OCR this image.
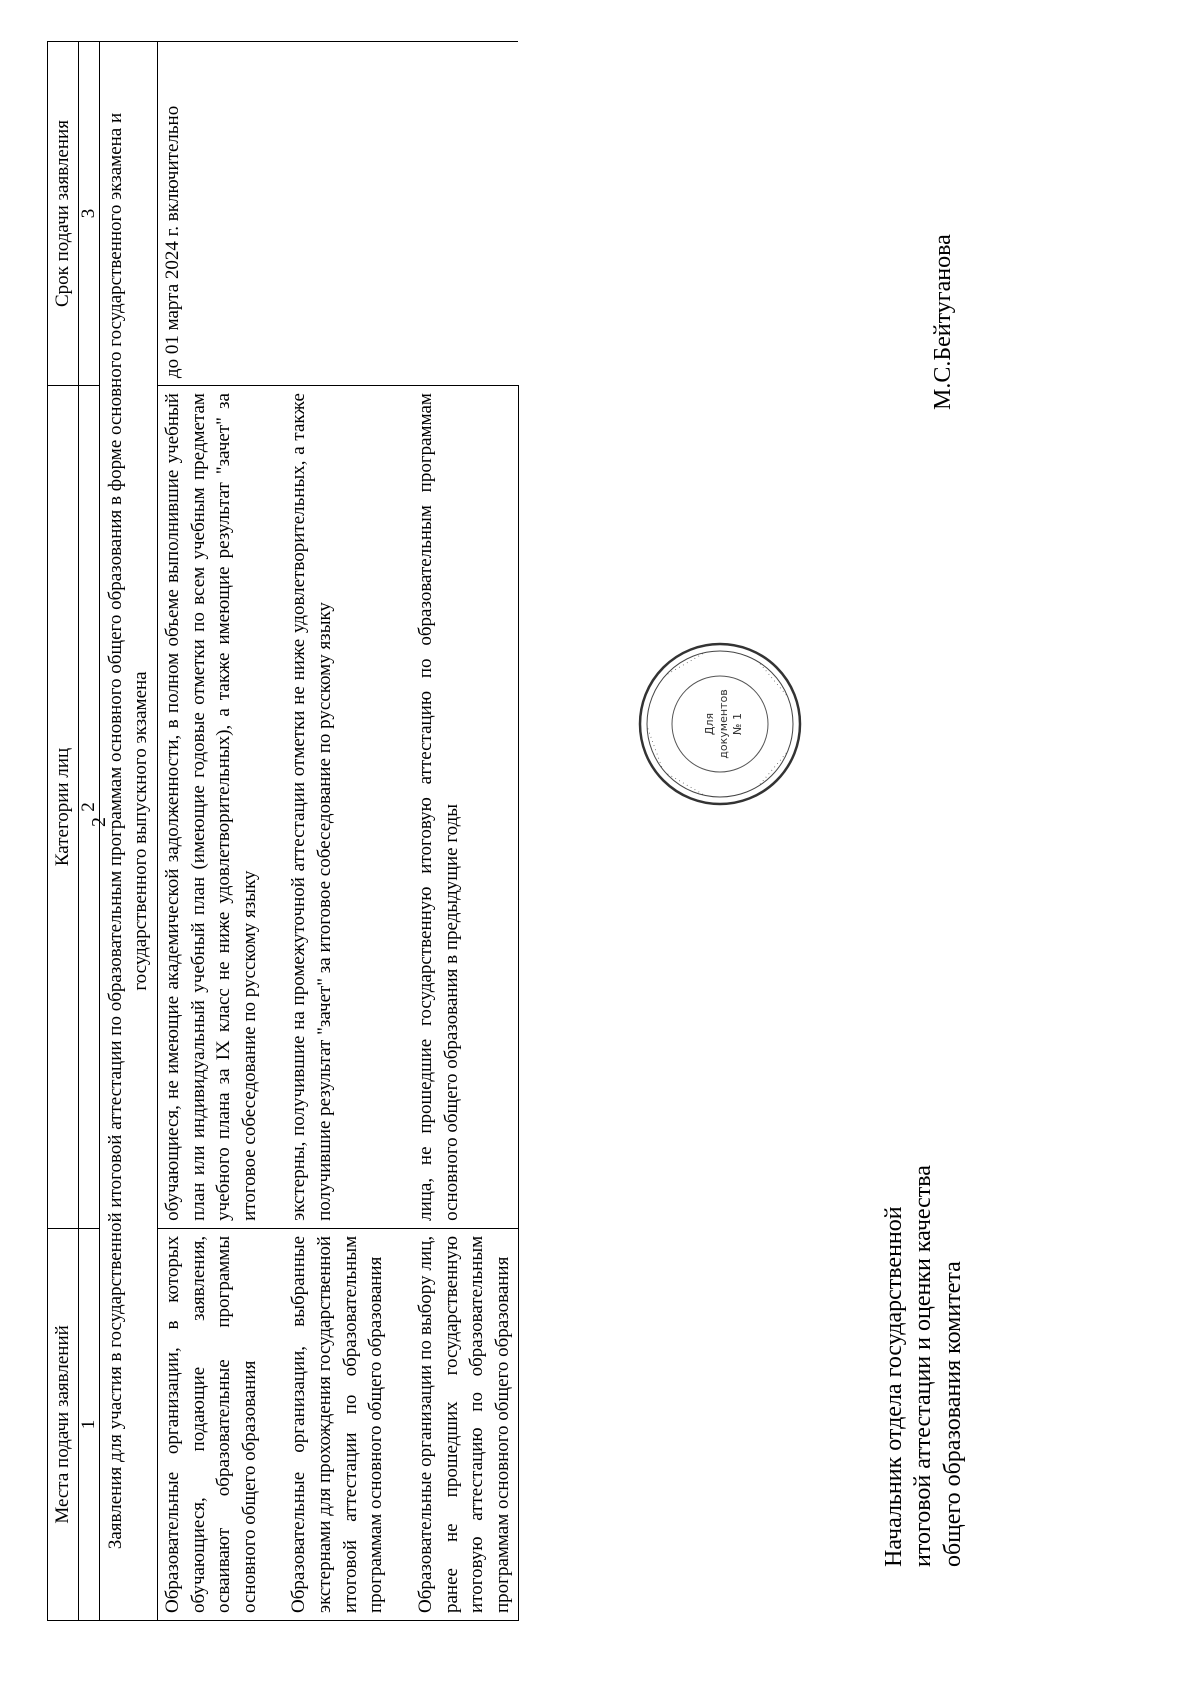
2
Места подачи заявлений	Категории лиц	Срок подачи заявления
1	2	3
Заявления для участия в государственной итоговой аттестации по образовательным программам основного общего образования в форме основного государственного экзамена и государственного выпускного экзамена		
Образовательные организации, в которых обучающиеся, подающие заявления, осваивают образовательные программы основного общего образования	обучающиеся, не имеющие академической задолженности, в полном объеме выполнившие учебный план или индивидуальный учебный план (имеющие годовые отметки по всем учебным предметам учебного плана за IX класс не ниже удовлетворительных), а также имеющие результат "зачет" за итоговое собеседование по русскому языку	до 01 марта 2024 г. включительно
Образовательные организации, выбранные экстернами для прохождения государственной итоговой аттестации по образовательным программам основного общего образования	экстерны, получившие на промежуточной аттестации отметки не ниже удовлетворительных, а также получившие результат "зачет" за итоговое собеседование по русскому языку	
Образовательные организации по выбору лиц, ранее не прошедших государственную итоговую аттестацию по образовательным программам основного общего образования	лица, не прошедшие государственную итоговую аттестацию по образовательным программам основного общего образования в предыдущие годы	
Начальник отдела государственной итоговой аттестации и оценки качества общего образования комитета
М.С.Бейтуганова
· · · · · · · · · ·
· · · · · · · · · ·	· · · · · · · · · ·
· · · · · · · · · ·
· · · · · · · · · ·
Для документов № 1
